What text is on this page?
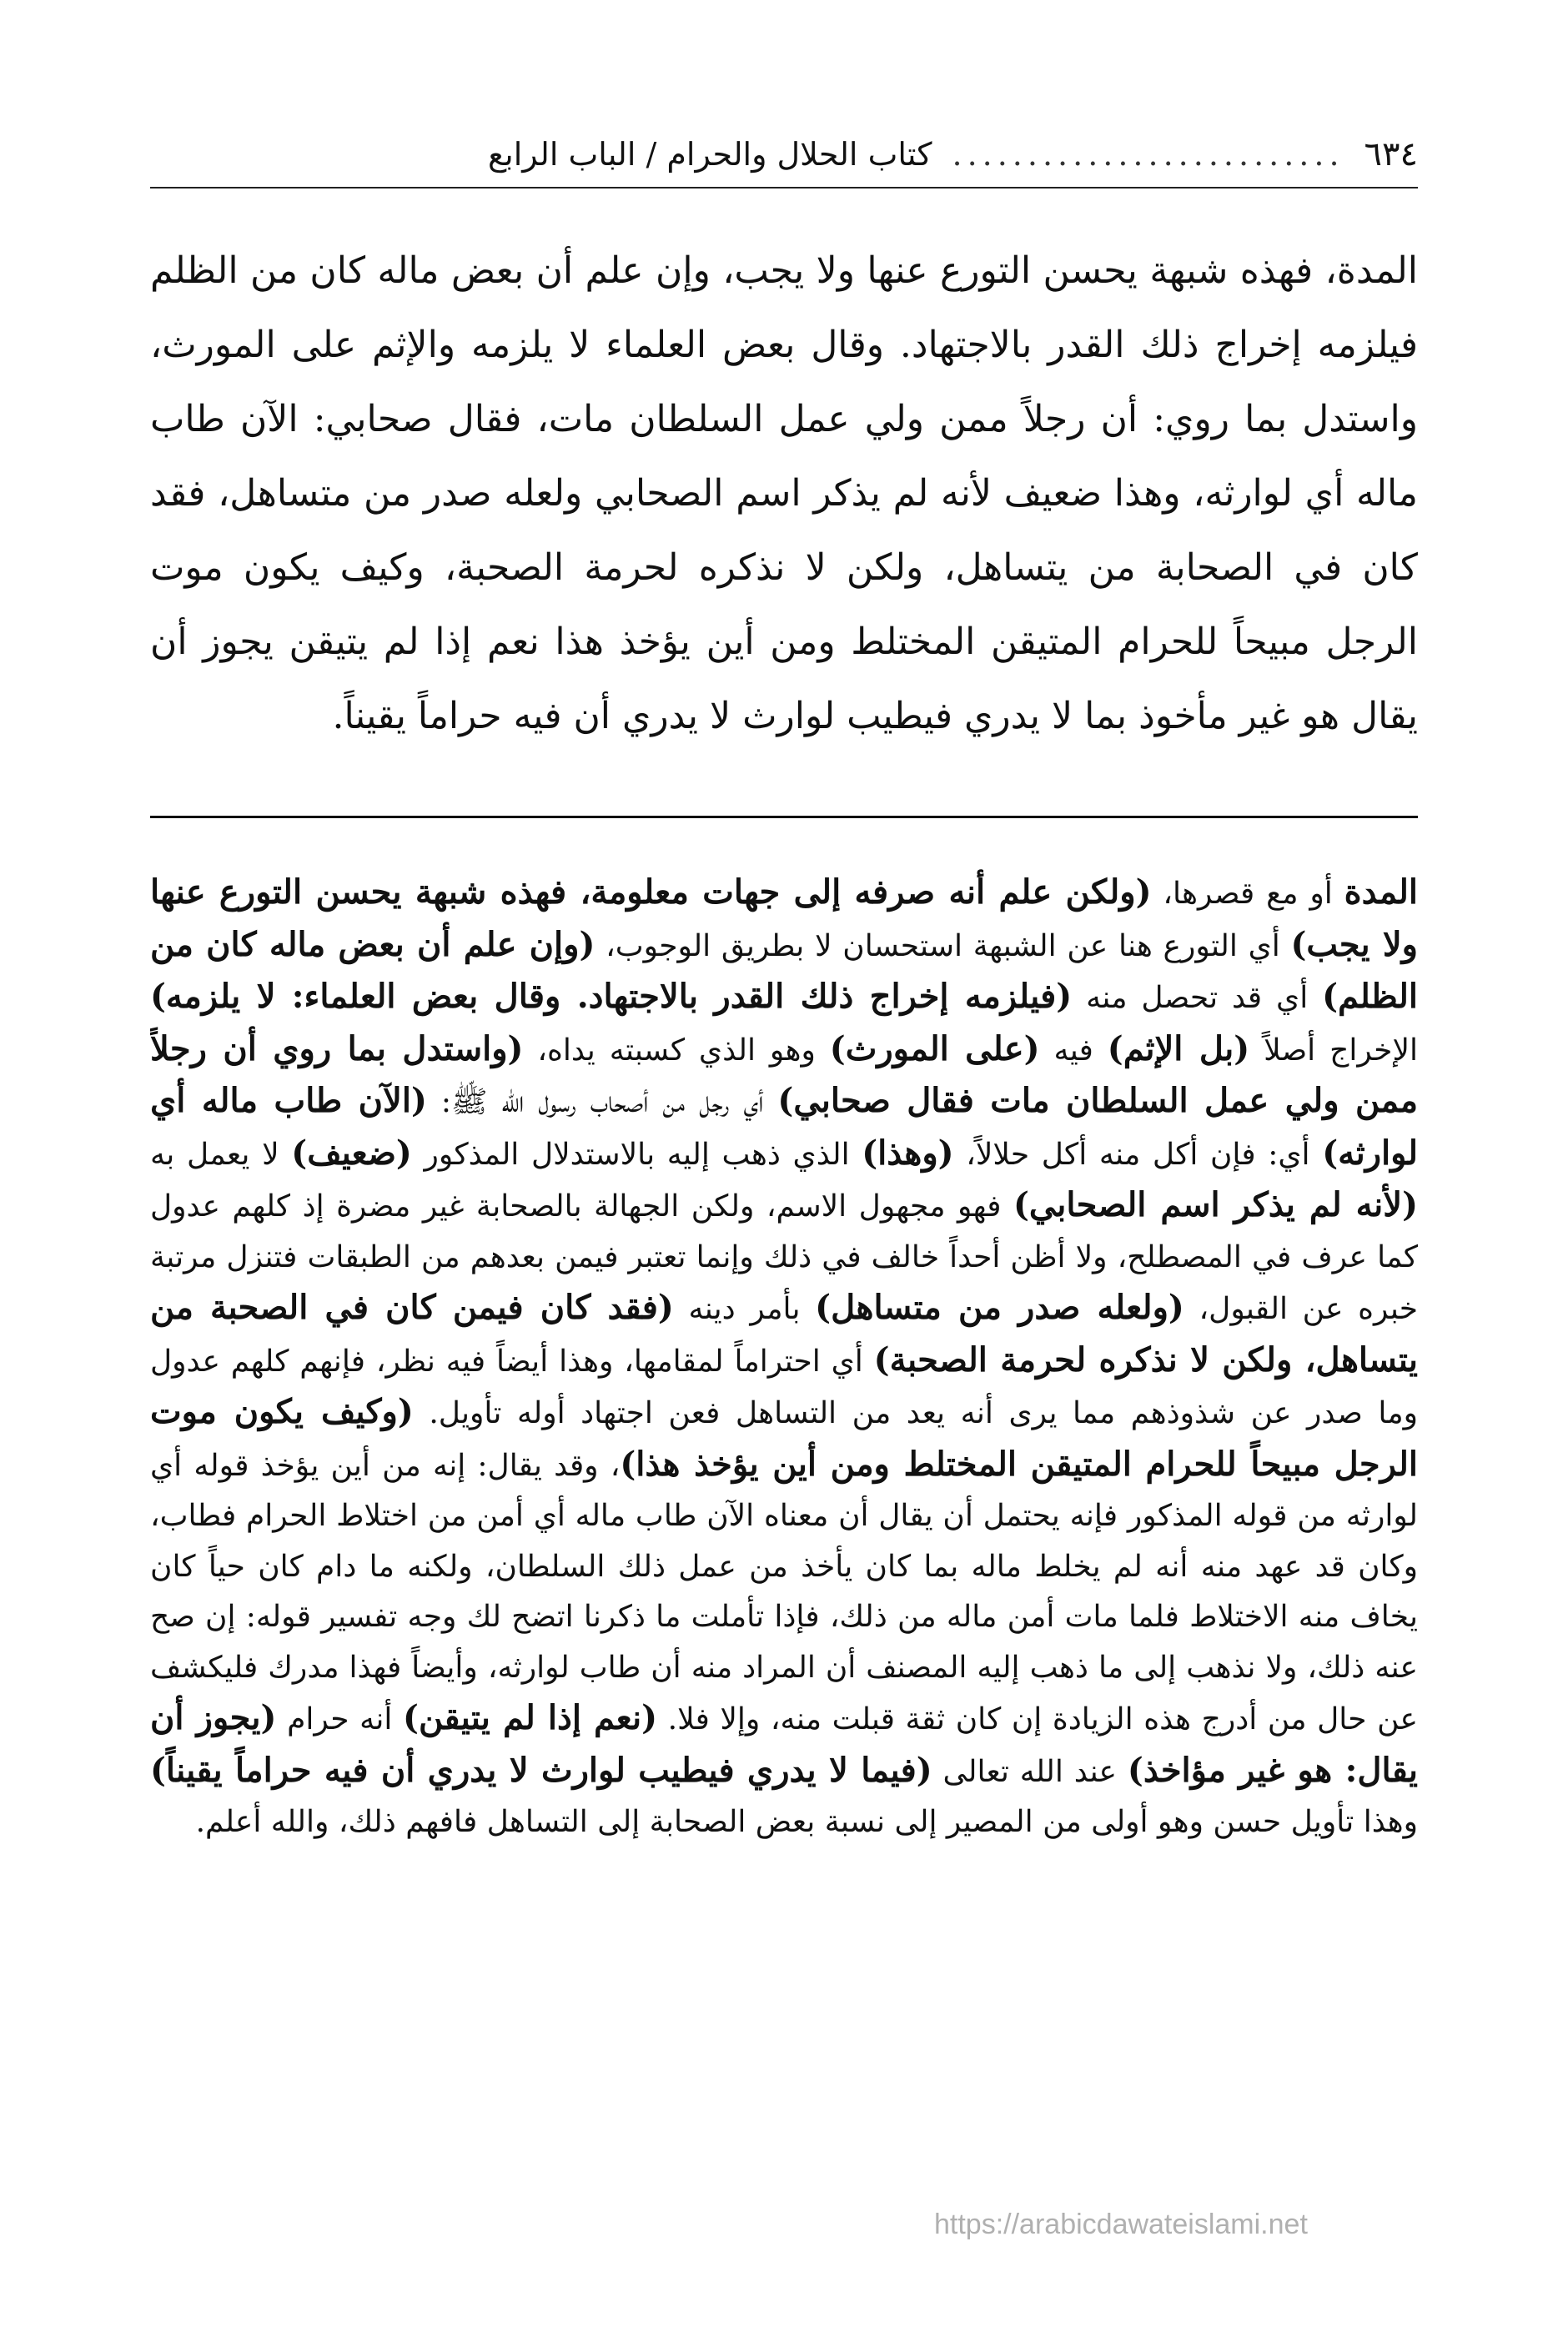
٦٣٤
..........................
كتاب الحلال والحرام / الباب الرابع
المدة، فهذه شبهة يحسن التورع عنها ولا يجب، وإن علم أن بعض ماله كان من الظلم فيلزمه إخراج ذلك القدر بالاجتهاد. وقال بعض العلماء لا يلزمه والإثم على المورث، واستدل بما روي: أن رجلاً ممن ولي عمل السلطان مات، فقال صحابي: الآن طاب ماله أي لوارثه، وهذا ضعيف لأنه لم يذكر اسم الصحابي ولعله صدر من متساهل، فقد كان في الصحابة من يتساهل، ولكن لا نذكره لحرمة الصحبة، وكيف يكون موت الرجل مبيحاً للحرام المتيقن المختلط ومن أين يؤخذ هذا نعم إذا لم يتيقن يجوز أن يقال هو غير مأخوذ بما لا يدري فيطيب لوارث لا يدري أن فيه حراماً يقيناً.
المدة أو مع قصرها، (ولكن علم أنه صرفه إلى جهات معلومة، فهذه شبهة يحسن التورع عنها ولا يجب) أي التورع هنا عن الشبهة استحسان لا بطريق الوجوب، (وإن علم أن بعض ماله كان من الظلم) أي قد تحصل منه (فيلزمه إخراج ذلك القدر بالاجتهاد. وقال بعض العلماء: لا يلزمه) الإخراج أصلاً (بل الإثم) فيه (على المورث) وهو الذي كسبته يداه، (واستدل بما روي أن رجلاً ممن ولي عمل السلطان مات فقال صحابي) أي رجل من أصحاب رسول الله ﷺ: (الآن طاب ماله أي لوارثه) أي: فإن أكل منه أكل حلالاً، (وهذا) الذي ذهب إليه بالاستدلال المذكور (ضعيف) لا يعمل به (لأنه لم يذكر اسم الصحابي) فهو مجهول الاسم، ولكن الجهالة بالصحابة غير مضرة إذ كلهم عدول كما عرف في المصطلح، ولا أظن أحداً خالف في ذلك وإنما تعتبر فيمن بعدهم من الطبقات فتنزل مرتبة خبره عن القبول، (ولعله صدر من متساهل) بأمر دينه (فقد كان فيمن كان في الصحبة من يتساهل، ولكن لا نذكره لحرمة الصحبة) أي احتراماً لمقامها، وهذا أيضاً فيه نظر، فإنهم كلهم عدول وما صدر عن شذوذهم مما يرى أنه يعد من التساهل فعن اجتهاد أوله تأويل. (وكيف يكون موت الرجل مبيحاً للحرام المتيقن المختلط ومن أين يؤخذ هذا)، وقد يقال: إنه من أين يؤخذ قوله أي لوارثه من قوله المذكور فإنه يحتمل أن يقال أن معناه الآن طاب ماله أي أمن من اختلاط الحرام فطاب، وكان قد عهد منه أنه لم يخلط ماله بما كان يأخذ من عمل ذلك السلطان، ولكنه ما دام كان حياً كان يخاف منه الاختلاط فلما مات أمن ماله من ذلك، فإذا تأملت ما ذكرنا اتضح لك وجه تفسير قوله: إن صح عنه ذلك، ولا نذهب إلى ما ذهب إليه المصنف أن المراد منه أن طاب لوارثه، وأيضاً فهذا مدرك فليكشف عن حال من أدرج هذه الزيادة إن كان ثقة قبلت منه، وإلا فلا. (نعم إذا لم يتيقن) أنه حرام (يجوز أن يقال: هو غير مؤاخذ) عند الله تعالى (فيما لا يدري فيطيب لوارث لا يدري أن فيه حراماً يقيناً) وهذا تأويل حسن وهو أولى من المصير إلى نسبة بعض الصحابة إلى التساهل فافهم ذلك، والله أعلم.
https://arabicdawateislami.net
